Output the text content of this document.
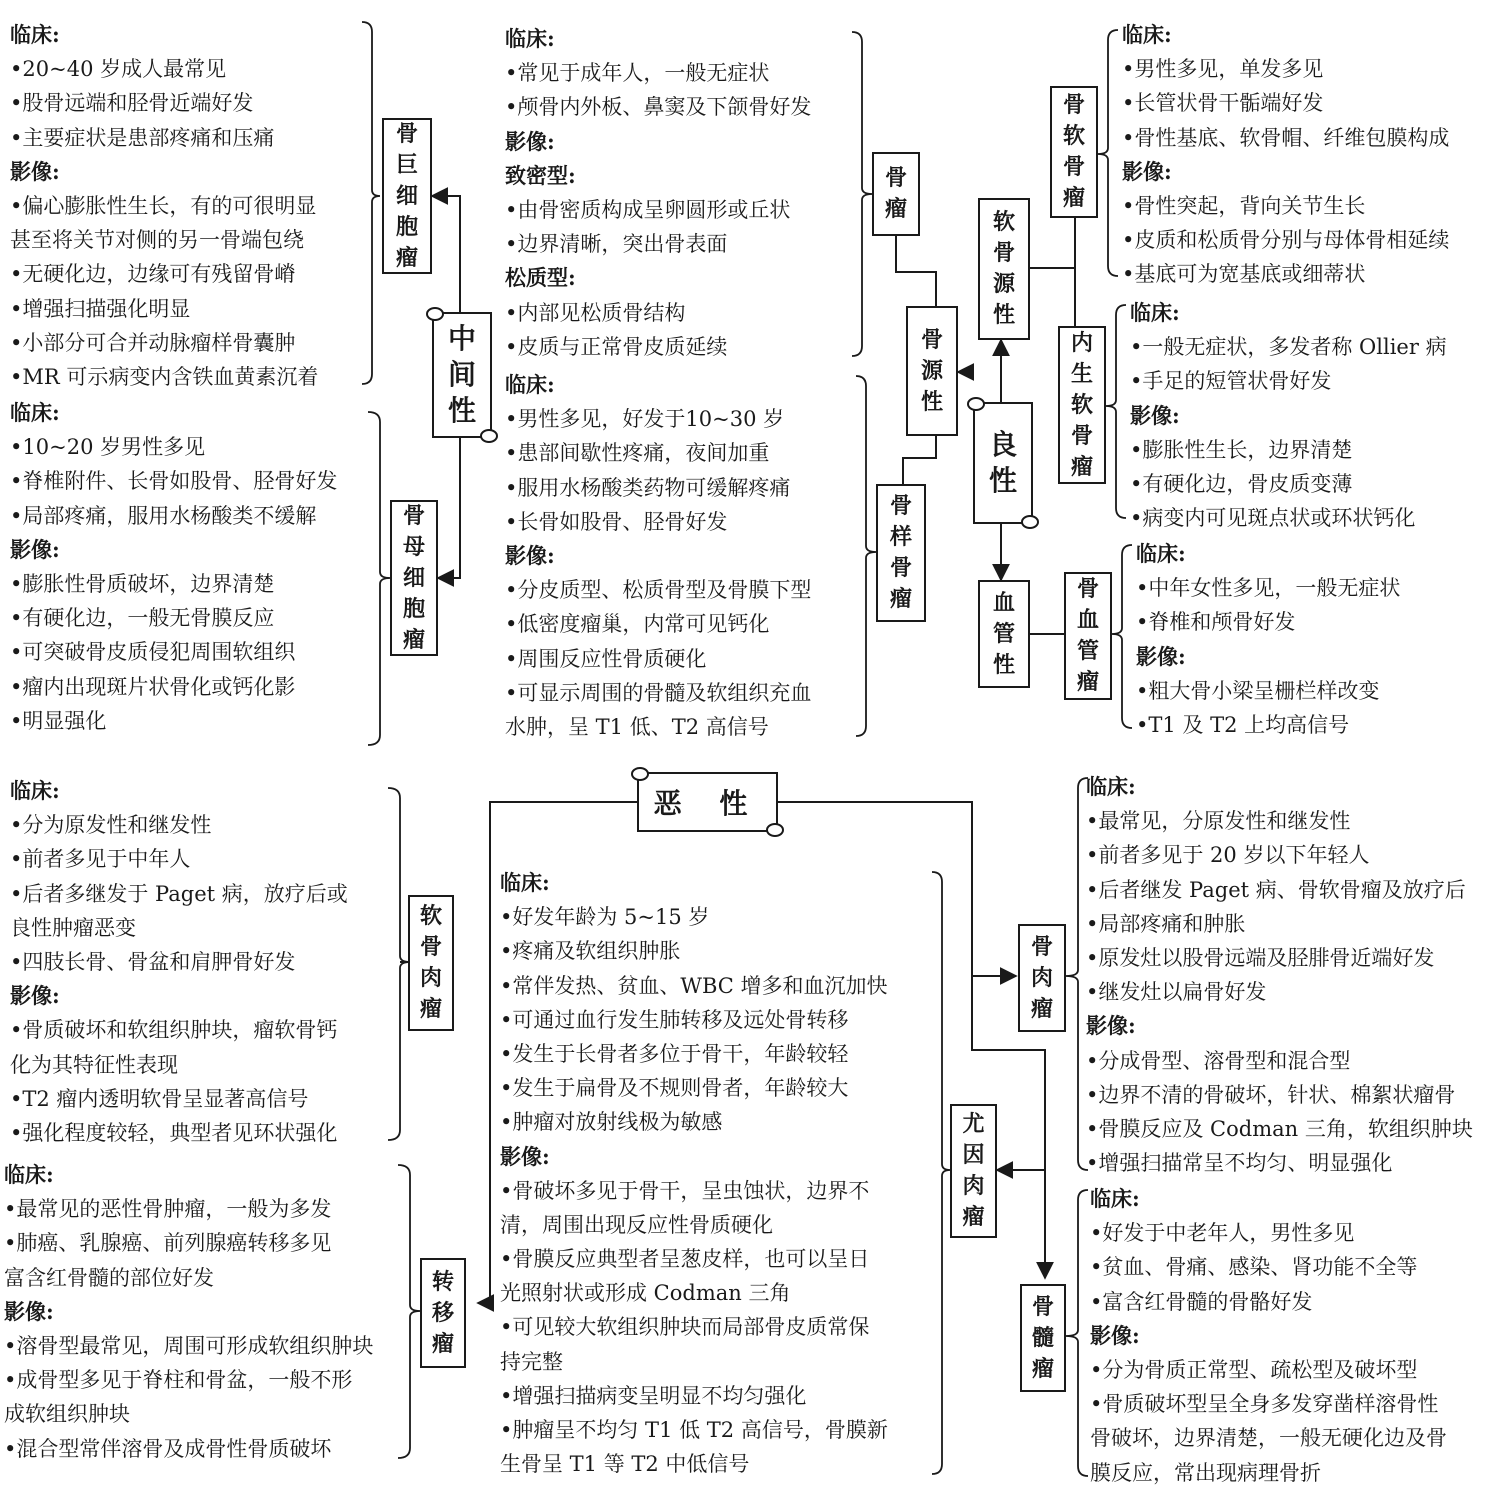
中间性
良性
恶 性
骨源性
软骨源性
血管性
骨巨细胞瘤
骨母细胞瘤
骨瘤
骨样骨瘤
骨软骨瘤
内生软骨瘤
骨血管瘤
软骨肉瘤
转移瘤
骨肉瘤
尤因肉瘤
骨髓瘤
临床:
•20~40 岁成人最常见
•股骨远端和胫骨近端好发
•主要症状是患部疼痛和压痛
影像:
•偏心膨胀性生长，有的可很明显
甚至将关节对侧的另一骨端包绕
•无硬化边，边缘可有残留骨嵴
•增强扫描强化明显
•小部分可合并动脉瘤样骨囊肿
•MR 可示病变内含铁血黄素沉着
临床:
•10~20 岁男性多见
•脊椎附件、长骨如股骨、胫骨好发
•局部疼痛，服用水杨酸类不缓解
影像:
•膨胀性骨质破坏，边界清楚
•有硬化边，一般无骨膜反应
•可突破骨皮质侵犯周围软组织
•瘤内出现斑片状骨化或钙化影
•明显强化
临床:
•常见于成年人，一般无症状
•颅骨内外板、鼻窦及下颌骨好发
影像:
致密型:
•由骨密质构成呈卵圆形或丘状
•边界清晰，突出骨表面
松质型:
•内部见松质骨结构
•皮质与正常骨皮质延续
临床:
•男性多见，好发于10~30 岁
•患部间歇性疼痛，夜间加重
•服用水杨酸类药物可缓解疼痛
•长骨如股骨、胫骨好发
影像:
•分皮质型、松质骨型及骨膜下型
•低密度瘤巢，内常可见钙化
•周围反应性骨质硬化
•可显示周围的骨髓及软组织充血
水肿，呈 T1 低、T2 高信号
临床:
•男性多见，单发多见
•长管状骨干骺端好发
•骨性基底、软骨帽、纤维包膜构成
影像:
•骨性突起，背向关节生长
•皮质和松质骨分别与母体骨相延续
•基底可为宽基底或细蒂状
临床:
•一般无症状，多发者称 Ollier 病
•手足的短管状骨好发
影像:
•膨胀性生长，边界清楚
•有硬化边，骨皮质变薄
•病变内可见斑点状或环状钙化
临床:
•中年女性多见，一般无症状
•脊椎和颅骨好发
影像:
•粗大骨小梁呈栅栏样改变
•T1 及 T2 上均高信号
临床:
•分为原发性和继发性
•前者多见于中年人
•后者多继发于 Paget 病，放疗后或
良性肿瘤恶变
•四肢长骨、骨盆和肩胛骨好发
影像:
•骨质破坏和软组织肿块，瘤软骨钙
化为其特征性表现
•T2 瘤内透明软骨呈显著高信号
•强化程度较轻，典型者见环状强化
临床:
•最常见的恶性骨肿瘤，一般为多发
•肺癌、乳腺癌、前列腺癌转移多见
富含红骨髓的部位好发
影像:
•溶骨型最常见，周围可形成软组织肿块
•成骨型多见于脊柱和骨盆，一般不形
成软组织肿块
•混合型常伴溶骨及成骨性骨质破坏
临床:
•好发年龄为 5~15 岁
•疼痛及软组织肿胀
•常伴发热、贫血、WBC 增多和血沉加快
•可通过血行发生肺转移及远处骨转移
•发生于长骨者多位于骨干，年龄较轻
•发生于扁骨及不规则骨者，年龄较大
•肿瘤对放射线极为敏感
影像:
•骨破坏多见于骨干，呈虫蚀状，边界不
清，周围出现反应性骨质硬化
•骨膜反应典型者呈葱皮样，也可以呈日
光照射状或形成 Codman 三角
•可见较大软组织肿块而局部骨皮质常保
持完整
•增强扫描病变呈明显不均匀强化
•肿瘤呈不均匀 T1 低 T2 高信号，骨膜新
生骨呈 T1 等 T2 中低信号
临床:
•最常见，分原发性和继发性
•前者多见于 20 岁以下年轻人
•后者继发 Paget 病、骨软骨瘤及放疗后
•局部疼痛和肿胀
•原发灶以股骨远端及胫腓骨近端好发
•继发灶以扁骨好发
影像:
•分成骨型、溶骨型和混合型
•边界不清的骨破坏，针状、棉絮状瘤骨
•骨膜反应及 Codman 三角，软组织肿块
•增强扫描常呈不均匀、明显强化
临床:
•好发于中老年人，男性多见
•贫血、骨痛、感染、肾功能不全等
•富含红骨髓的骨骼好发
影像:
•分为骨质正常型、疏松型及破坏型
•骨质破坏型呈全身多发穿凿样溶骨性
骨破坏，边界清楚，一般无硬化边及骨
膜反应，常出现病理骨折
